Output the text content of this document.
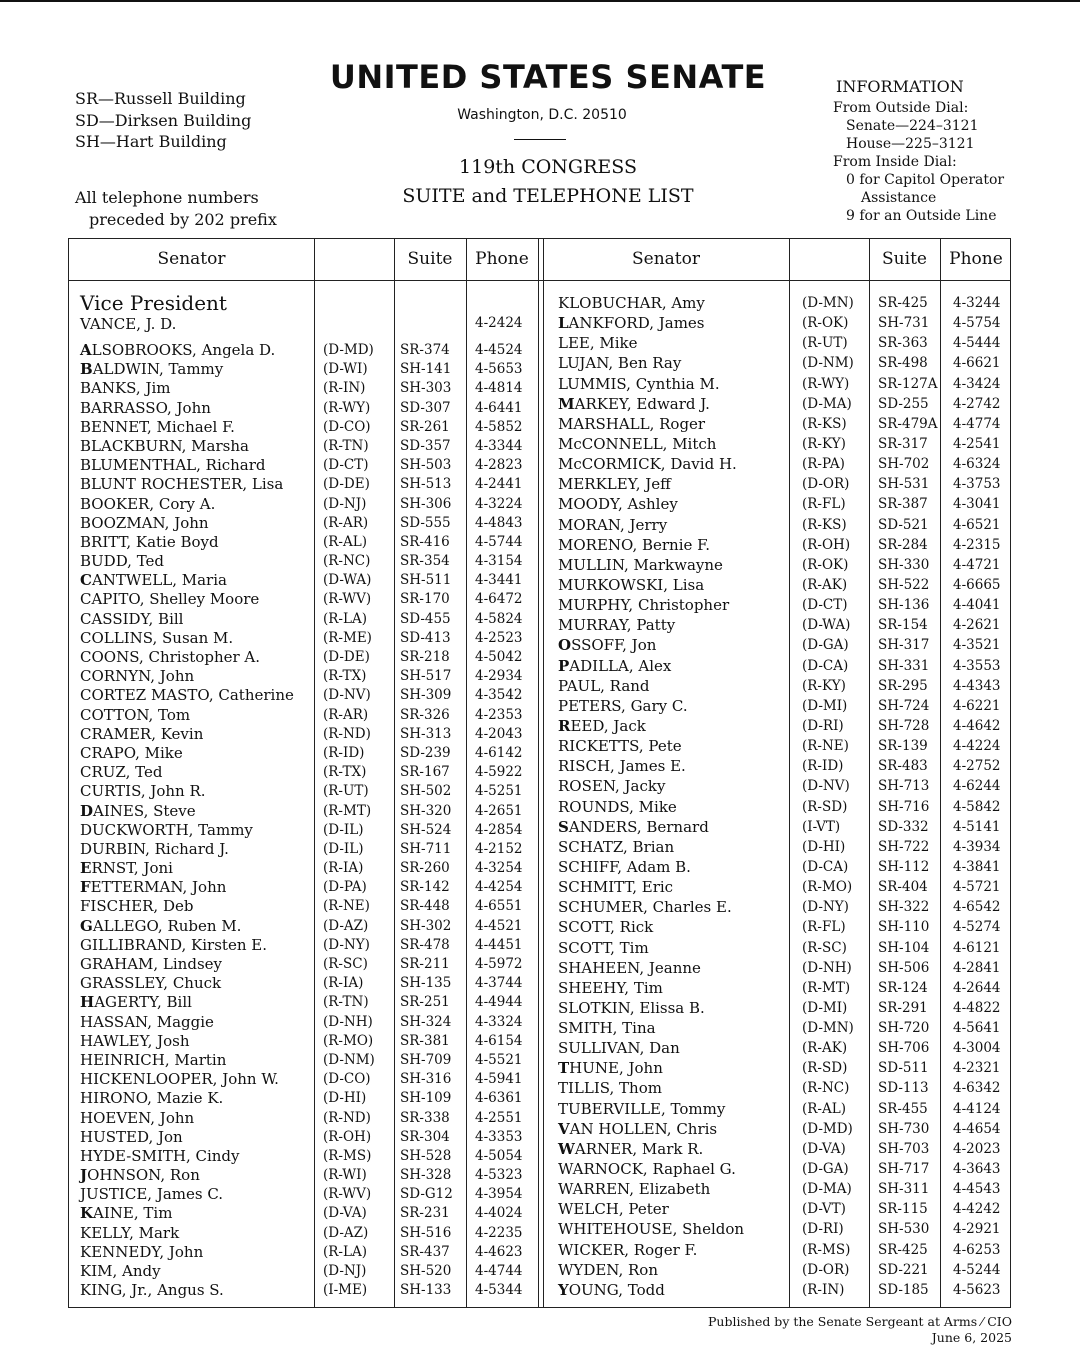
SR—Russell Building
SD—Dirksen Building
SH—Hart Building
All telephone numbers
preceded by 202 prefix
UNITED STATES SENATE
Washington, D.C. 20510
119th CONGRESS
SUITE and TELEPHONE LIST
INFORMATION
From Outside Dial:
Senate—224–3121
House—225–3121
From Inside Dial:
0 for Capitol Operator
Assistance
9 for an Outside Line
Senator	Suite	Phone	Senator	Suite	Phone
Vice President
VANCE, J. D.	4-2424
ALSOBROOKS, Angela D.	(D-MD) SR-374 4-4524
BALDWIN, Tammy	(D-WI) SH-141 4-5653
BANKS, Jim	(R-IN)	SH-303 4-4814
BARRASSO, John	(R-WY) SD-307 4-6441
BENNET, Michael F.	(D-CO) SR-261 4-5852
BLACKBURN, Marsha	(R-TN) SD-357 4-3344
BLUMENTHAL, Richard	(D-CT) SH-503 4-2823
BLUNT ROCHESTER, Lisa	(D-DE) SH-513 4-2441
BOOKER, Cory A.	(D-NJ) SH-306 4-3224
BOOZMAN, John	(R-AR) SD-555 4-4843
BRITT, Katie Boyd	(R-AL) SR-416 4-5744
BUDD, Ted	(R-NC) SR-354 4-3154
CANTWELL, Maria	(D-WA) SH-511 4-3441
CAPITO, Shelley Moore	(R-WV) SR-170 4-6472
CASSIDY, Bill	(R-LA) SD-455 4-5824
COLLINS, Susan M.	(R-ME) SD-413 4-2523
COONS, Christopher A.	(D-DE) SR-218 4-5042
CORNYN, John	(R-TX) SH-517 4-2934
CORTEZ MASTO, Catherine (D-NV) SH-309 4-3542
COTTON, Tom	(R-AR) SR-326 4-2353
CRAMER, Kevin	(R-ND) SH-313 4-2043
CRAPO, Mike	(R-ID)	SD-239 4-6142
CRUZ, Ted	(R-TX) SR-167 4-5922
CURTIS, John R.	(R-UT) SH-502 4-5251
DAINES, Steve	(R-MT) SH-320 4-2651
DUCKWORTH, Tammy	(D-IL)	SH-524 4-2854
DURBIN, Richard J.	(D-IL)	SH-711 4-2152
ERNST, Joni	(R-IA)	SR-260 4-3254
FETTERMAN, John	(D-PA) SR-142 4-4254
FISCHER, Deb	(R-NE) SR-448 4-6551
GALLEGO, Ruben M.	(D-AZ) SH-302 4-4521
GILLIBRAND, Kirsten E.	(D-NY) SR-478 4-4451
GRAHAM, Lindsey	(R-SC) SR-211 4-5972
GRASSLEY, Chuck	(R-IA)	SH-135 4-3744
HAGERTY, Bill	(R-TN) SR-251 4-4944
HASSAN, Maggie	(D-NH) SH-324 4-3324
HAWLEY, Josh	(R-MO) SR-381 4-6154
HEINRICH, Martin	(D-NM) SH-709 4-5521
HICKENLOOPER, John W.	(D-CO) SH-316 4-5941
HIRONO, Mazie K.	(D-HI) SH-109 4-6361
HOEVEN, John	(R-ND) SR-338 4-2551
HUSTED, Jon	(R-OH) SR-304 4-3353
HYDE-SMITH, Cindy	(R-MS) SH-528 4-5054
JOHNSON, Ron	(R-WI) SH-328 4-5323
JUSTICE, James C.	(R-WV) SD-G12 4-3954
KAINE, Tim	(D-VA) SR-231 4-4024
KELLY, Mark	(D-AZ) SH-516 4-2235
KENNEDY, John	(R-LA) SR-437 4-4623
KIM, Andy	(D-NJ) SH-520 4-4744
KING, Jr., Angus S.	(I-ME) SH-133 4-5344
KLOBUCHAR, Amy	(D-MN) SR-425 4-3244
LANKFORD, James	(R-OK) SH-731 4-5754
LEE, Mike	(R-UT) SR-363 4-5444
LUJAN, Ben Ray	(D-NM) SR-498 4-6621
LUMMIS, Cynthia M.	(R-WY) SR-127A 4-3424
MARKEY, Edward J.	(D-MA) SD-255 4-2742
MARSHALL, Roger	(R-KS) SR-479A 4-4774
McCONNELL, Mitch	(R-KY) SR-317 4-2541
McCORMICK, David H.	(R-PA) SH-702 4-6324
MERKLEY, Jeff	(D-OR) SH-531 4-3753
MOODY, Ashley	(R-FL) SR-387 4-3041
MORAN, Jerry	(R-KS) SD-521 4-6521
MORENO, Bernie F.	(R-OH) SR-284 4-2315
MULLIN, Markwayne	(R-OK) SH-330 4-4721
MURKOWSKI, Lisa	(R-AK) SH-522 4-6665
MURPHY, Christopher	(D-CT) SH-136 4-4041
MURRAY, Patty	(D-WA) SR-154 4-2621
OSSOFF, Jon	(D-GA) SH-317 4-3521
PADILLA, Alex	(D-CA) SH-331 4-3553
PAUL, Rand	(R-KY) SR-295 4-4343
PETERS, Gary C.	(D-MI) SH-724 4-6221
REED, Jack	(D-RI)	SH-728 4-4642
RICKETTS, Pete	(R-NE) SR-139 4-4224
RISCH, James E.	(R-ID)	SR-483 4-2752
ROSEN, Jacky	(D-NV) SH-713 4-6244
ROUNDS, Mike	(R-SD) SH-716 4-5842
SANDERS, Bernard	(I-VT)	SD-332 4-5141
SCHATZ, Brian	(D-HI) SH-722 4-3934
SCHIFF, Adam B.	(D-CA) SH-112 4-3841
SCHMITT, Eric	(R-MO) SR-404 4-5721
SCHUMER, Charles E.	(D-NY) SH-322 4-6542
SCOTT, Rick	(R-FL) SH-110 4-5274
SCOTT, Tim	(R-SC) SH-104 4-6121
SHAHEEN, Jeanne	(D-NH) SH-506 4-2841
SHEEHY, Tim	(R-MT) SR-124 4-2644
SLOTKIN, Elissa B.	(D-MI) SR-291 4-4822
SMITH, Tina	(D-MN) SH-720 4-5641
SULLIVAN, Dan	(R-AK) SH-706 4-3004
THUNE, John	(R-SD) SD-511 4-2321
TILLIS, Thom	(R-NC) SD-113 4-6342
TUBERVILLE, Tommy	(R-AL) SR-455 4-4124
VAN HOLLEN, Chris	(D-MD) SH-730 4-4654
WARNER, Mark R.	(D-VA) SH-703 4-2023
WARNOCK, Raphael G.	(D-GA) SH-717 4-3643
WARREN, Elizabeth	(D-MA) SH-311 4-4543
WELCH, Peter	(D-VT) SR-115 4-4242
WHITEHOUSE, Sheldon	(D-RI)	SH-530 4-2921
WICKER, Roger F.	(R-MS) SR-425 4-6253
WYDEN, Ron	(D-OR) SD-221 4-5244
YOUNG, Todd	(R-IN) SD-185 4-5623
Published by the Senate Sergeant at Arms ⁄ CIO
June 6, 2025
